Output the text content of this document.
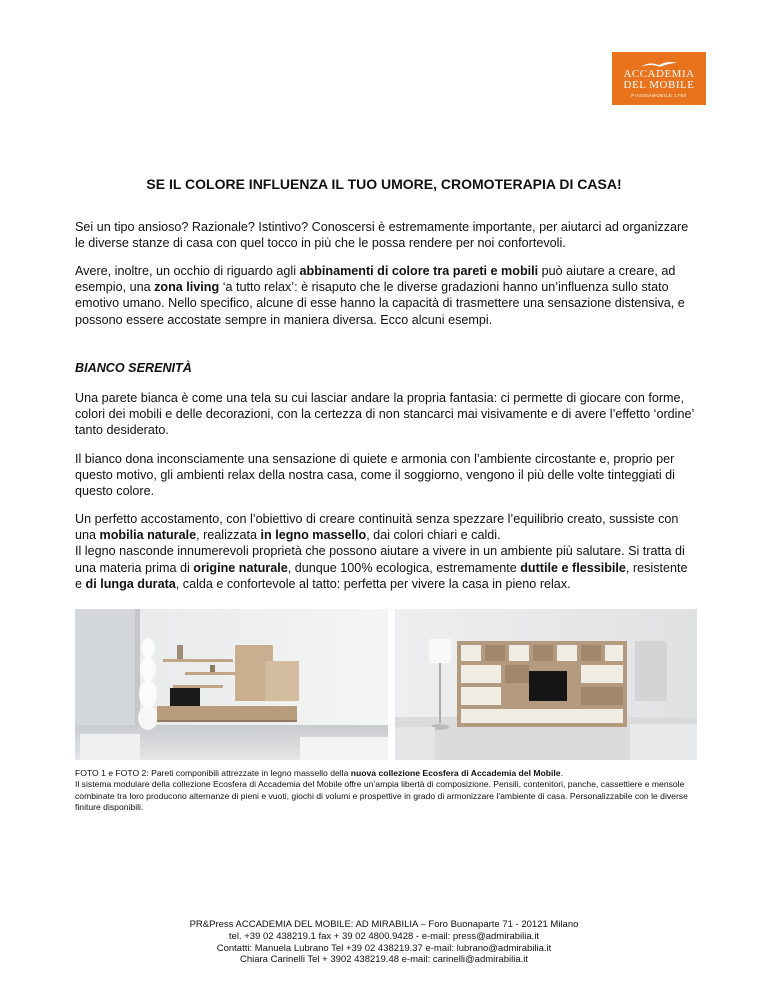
ACCADEMIA
DEL MOBILE
PIAGNAMOBILE 1750
SE IL COLORE INFLUENZA IL TUO UMORE, CROMOTERAPIA DI CASA!

Sei un tipo ansioso? Razionale? Istintivo? Conoscersi è estremamente importante, per aiutarci ad organizzare le diverse stanze di casa con quel tocco in più che le possa rendere per noi confortevoli.

Avere, inoltre, un occhio di riguardo agli abbinamenti di colore tra pareti e mobili può aiutare a creare, ad esempio, una zona living ‘a tutto relax’: è risaputo che le diverse gradazioni hanno un’influenza sullo stato emotivo umano. Nello specifico, alcune di esse hanno la capacità di trasmettere una sensazione distensiva, e possono essere accostate sempre in maniera diversa. Ecco alcuni esempi.

BIANCO SERENITÀ

Una parete bianca è come una tela su cui lasciar andare la propria fantasia: ci permette di giocare con forme, colori dei mobili e delle decorazioni, con la certezza di non stancarci mai visivamente e di avere l’effetto ‘ordine’ tanto desiderato.

Il bianco dona inconsciamente una sensazione di quiete e armonia con l’ambiente circostante e, proprio per questo motivo, gli ambienti relax della nostra casa, come il soggiorno, vengono il più delle volte tinteggiati di questo colore.

Un perfetto accostamento, con l’obiettivo di creare continuità senza spezzare l’equilibrio creato, sussiste con una mobilia naturale, realizzata in legno massello, dai colori chiari e caldi.
Il legno nasconde innumerevoli proprietà che possono aiutare a vivere in un ambiente più salutare. Si tratta di una materia prima di origine naturale, dunque 100% ecologica, estremamente duttile e flessibile, resistente e di lunga durata, calda e confortevole al tatto: perfetta per vivere la casa in pieno relax.

FOTO 1 e FOTO 2: Pareti componibili attrezzate in legno massello della nuova collezione Ecosfera di Accademia del Mobile.
Il sistema modulare della collezione Ecosfera di Accademia del Mobile offre un’ampia libertà di composizione. Pensili, contenitori, panche, cassettiere e mensole combinate tra loro producono alternanze di pieni e vuoti, giochi di volumi e prospettive in grado di armonizzare l’ambiente di casa. Personalizzabile con le diverse finiture disponibili.

PR&Press ACCADEMIA DEL MOBILE: AD MIRABILIA – Foro Buonaparte 71 - 20121 Milano
tel. +39 02 438219.1 fax + 39 02 4800.9428 - e-mail: press@admirabilia.it
Contatti: Manuela Lubrano Tel +39 02 438219.37 e-mail: lubrano@admirabilia.it
Chiara Carinelli Tel + 3902 438219.48 e-mail: carinelli@admirabilia.it
